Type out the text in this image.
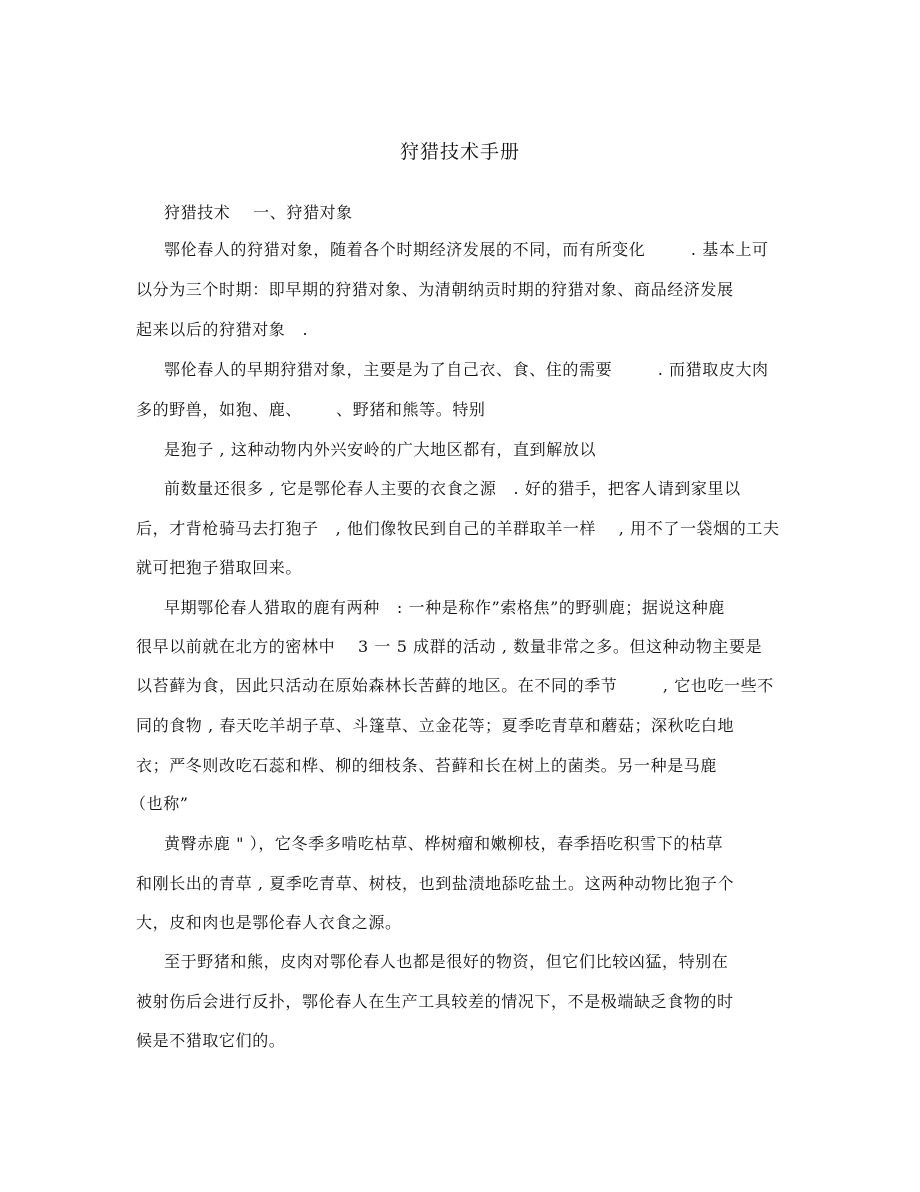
狩猎技术手册
狩猎技术    一、狩猎对象
鄂伦春人的狩猎对象，随着各个时期经济发展的不同，而有所变化        . 基本上可
以分为三个时期：即早期的狩猎对象、为清朝纳贡时期的狩猎对象、商品经济发展
起来以后的狩猎对象   .
鄂伦春人的早期狩猎对象，主要是为了自己衣、食、住的需要        . 而猎取皮大肉
多的野兽，如狍、鹿、      、野猪和熊等。特别
是狍子 , 这种动物内外兴安岭的广大地区都有，直到解放以
前数量还很多 , 它是鄂伦春人主要的衣食之源   . 好的猎手，把客人请到家里以
后，才背枪骑马去打狍子   , 他们像牧民到自己的羊群取羊一样    , 用不了一袋烟的工夫
就可把狍子猎取回来。
早期鄂伦春人猎取的鹿有两种   : 一种是称作”索格焦”的野驯鹿；据说这种鹿
很早以前就在北方的密林中    3 一 5 成群的活动 , 数量非常之多。但这种动物主要是
以苔藓为食，因此只活动在原始森林长苦藓的地区。在不同的季节        , 它也吃一些不
同的食物 , 春天吃羊胡子草、斗篷草、立金花等；夏季吃青草和蘑菇；深秋吃白地
衣；严冬则改吃石蕊和桦、柳的细枝条、苔藓和长在树上的菌类。另一种是马鹿
（也称”
黄臀赤鹿 " ），它冬季多啃吃枯草、桦树瘤和嫩柳枝，春季捂吃积雪下的枯草
和刚长出的青草 , 夏季吃青草、树枝，也到盐渍地舔吃盐土。这两种动物比狍子个
大，皮和肉也是鄂伦春人衣食之源。
至于野猪和熊，皮肉对鄂伦春人也都是很好的物资，但它们比较凶猛，特别在
被射伤后会进行反扑，鄂伦春人在生产工具较差的情况下，不是极端缺乏食物的时
候是不猎取它们的。
